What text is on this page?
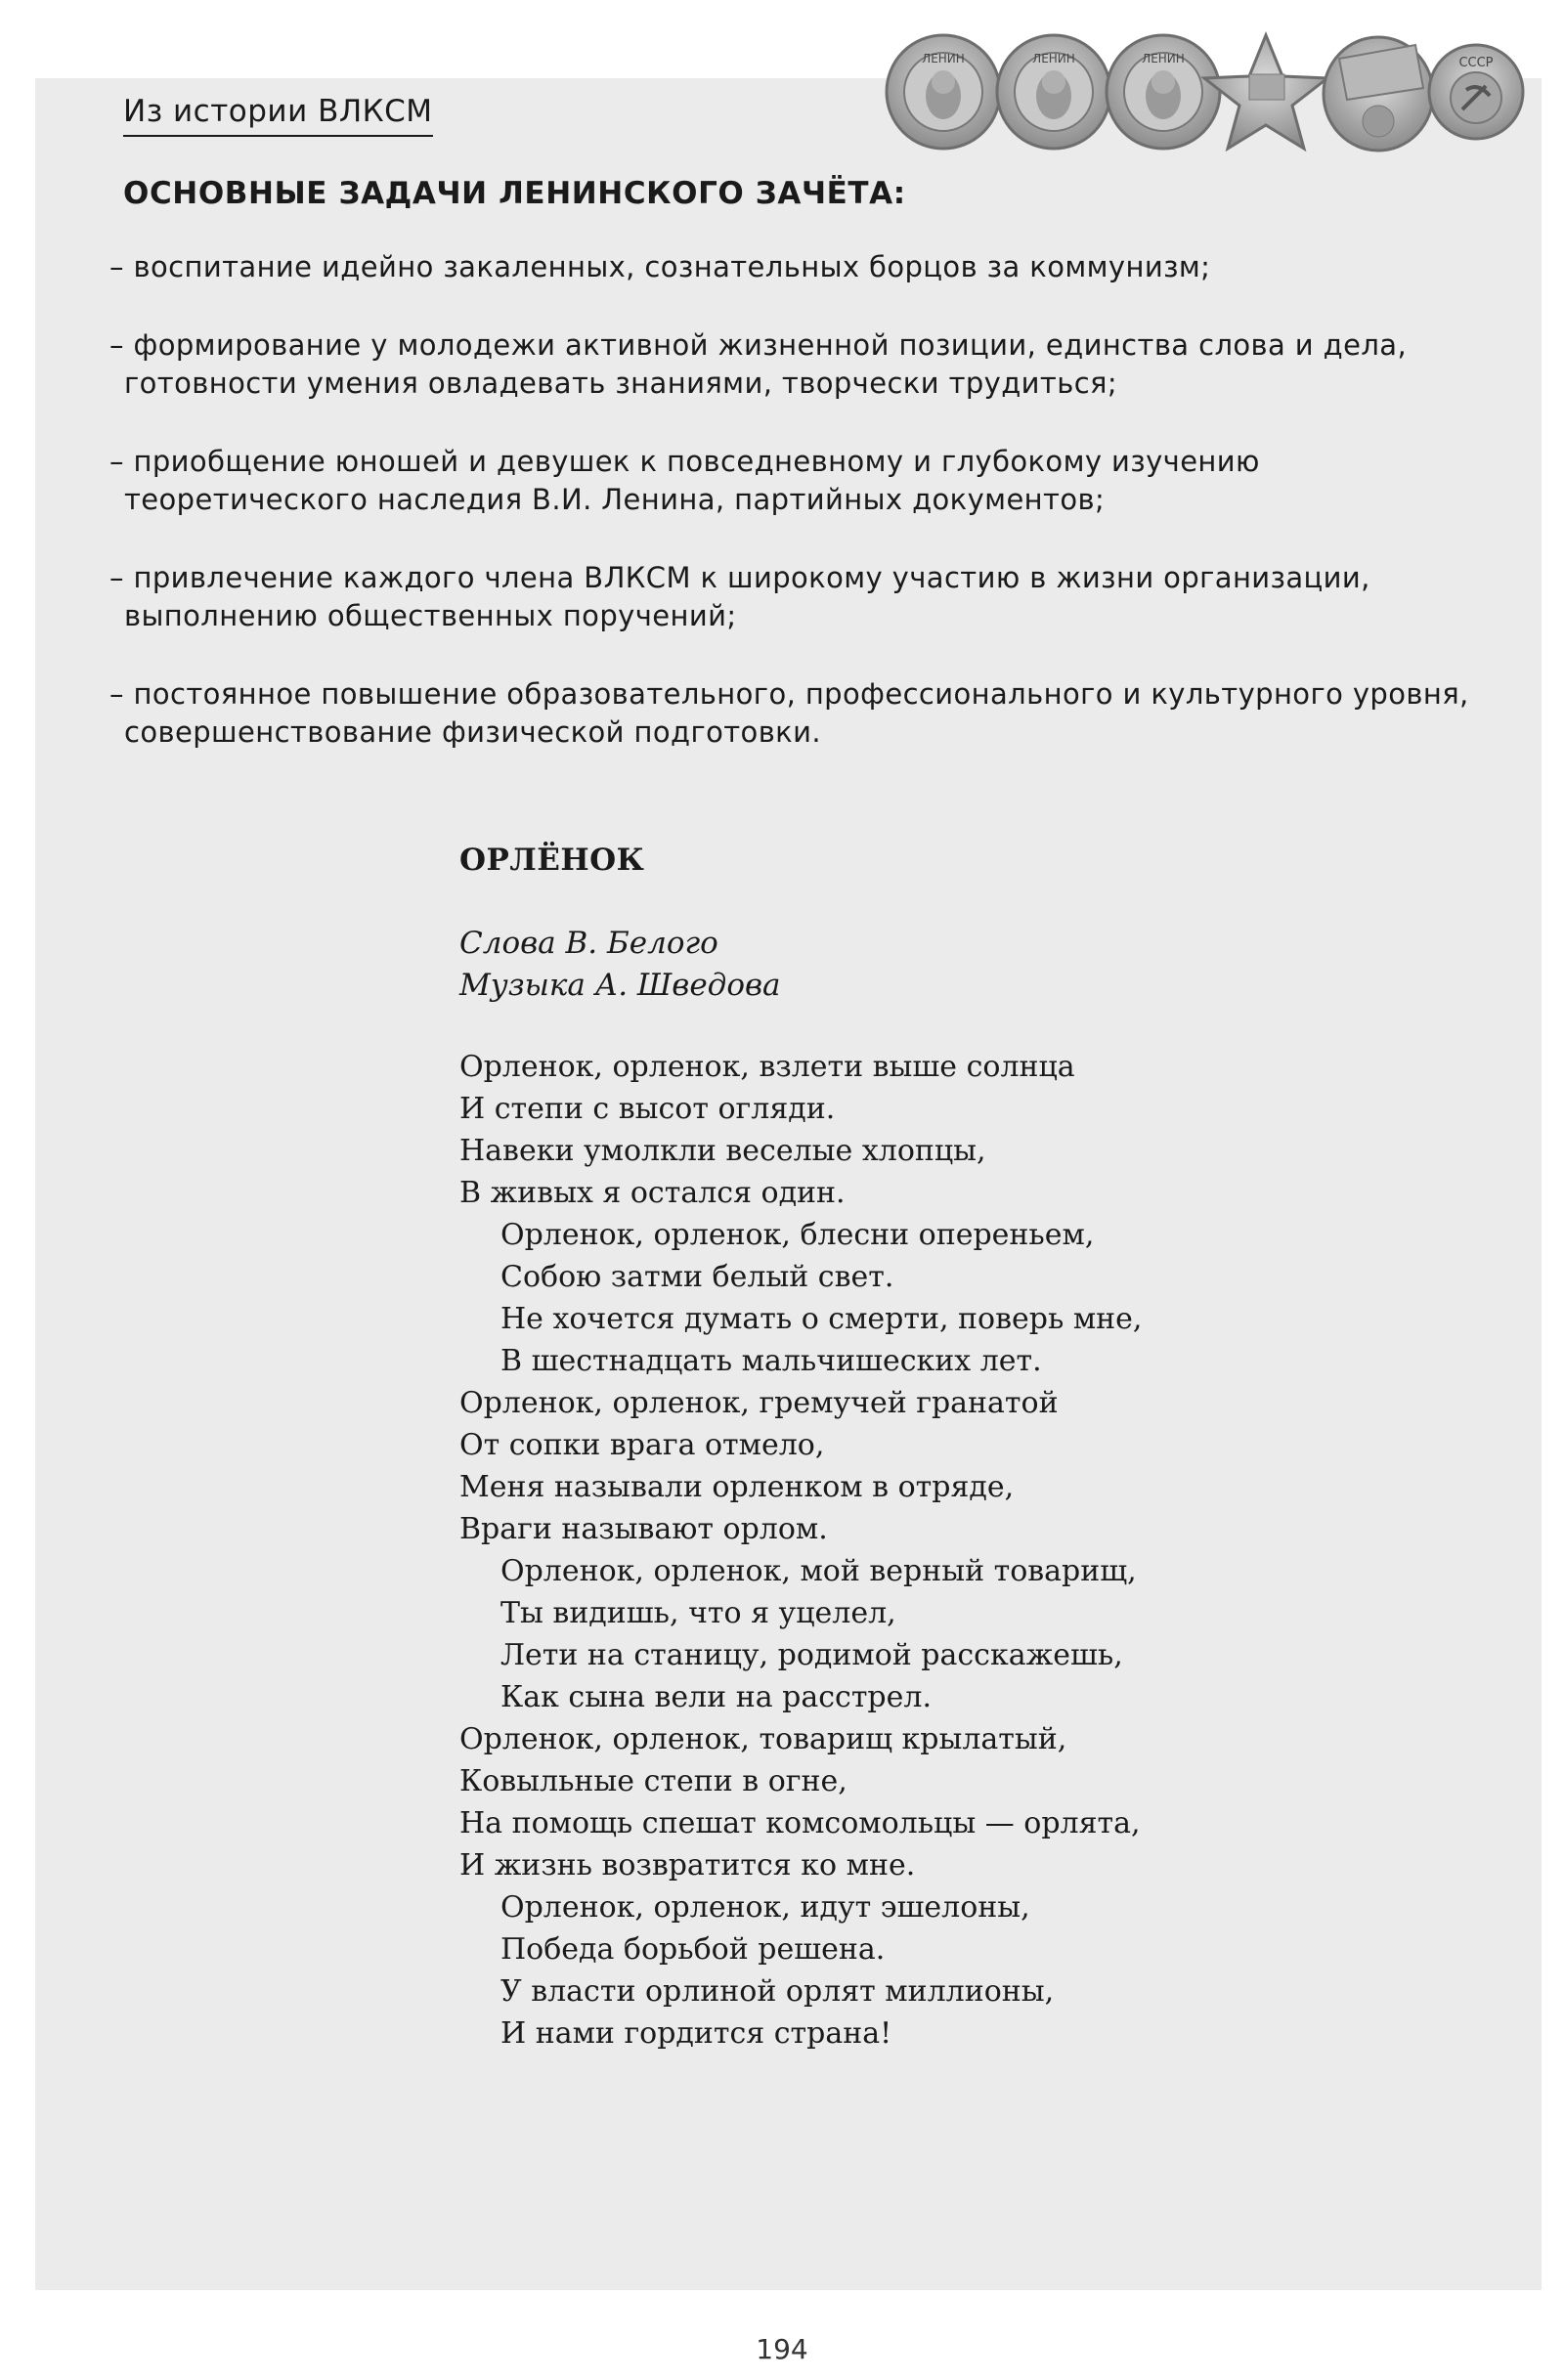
ЛЕНИН	ЛЕНИН	ЛЕНИН	СССР
Из истории ВЛКСМ
ОСНОВНЫЕ ЗАДАЧИ ЛЕНИНСКОГО ЗАЧЁТА:
– воспитание идейно закаленных, сознательных борцов за коммунизм;
– формирование у молодежи активной жизненной позиции, единства слова и дела, готовности умения овладевать знаниями, творчески трудиться;
– приобщение юношей и девушек к повседневному и глубокому изучению теоретического наследия В.И. Ленина, партийных документов;
– привлечение каждого члена ВЛКСМ к широкому участию в жизни организации, выполнению общественных поручений;
– постоянное повышение образовательного, профессионального и культурного уровня, совершенствование физической подготовки.
ОРЛЁНОК
Слова В. Белого
Музыка А. Шведова
Орленок, орленок, взлети выше солнца
И степи с высот огляди.
Навеки умолкли веселые хлопцы,
В живых я остался один.
Орленок, орленок, блесни опереньем,
Собою затми белый свет.
Не хочется думать о смерти, поверь мне,
В шестнадцать мальчишеских лет.
Орленок, орленок, гремучей гранатой
От сопки врага отмело,
Меня называли орленком в отряде,
Враги называют орлом.
Орленок, орленок, мой верный товарищ,
Ты видишь, что я уцелел,
Лети на станицу, родимой расскажешь,
Как сына вели на расстрел.
Орленок, орленок, товарищ крылатый,
Ковыльные степи в огне,
На помощь спешат комсомольцы — орлята,
И жизнь возвратится ко мне.
Орленок, орленок, идут эшелоны,
Победа борьбой решена.
У власти орлиной орлят миллионы,
И нами гордится страна!
194
